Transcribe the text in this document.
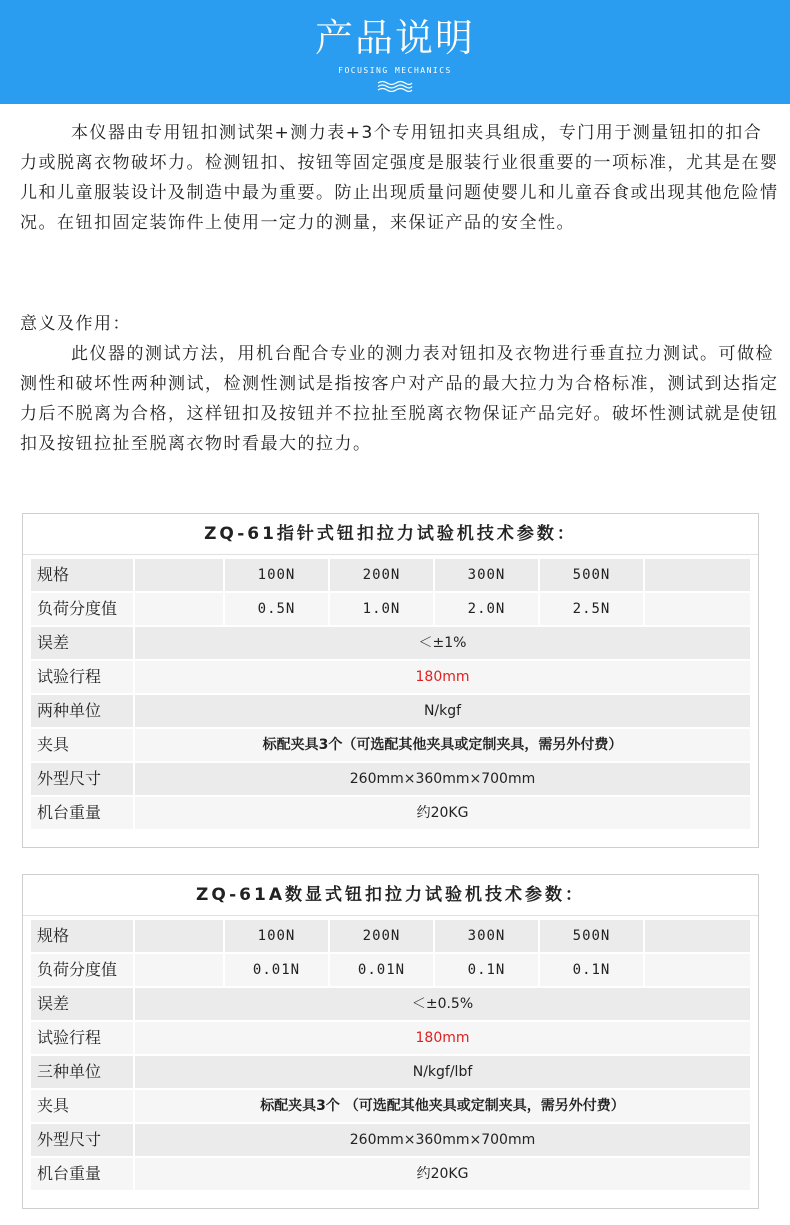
产品说明
FOCUSING MECHANICS

本仪器由专用钮扣测试架+测力表+3个专用钮扣夹具组成，专门用于测量钮扣的扣合力或脱离衣物破坏力。检测钮扣、按钮等固定强度是服装行业很重要的一项标准，尤其是在婴儿和儿童服装设计及制造中最为重要。防止出现质量问题使婴儿和儿童吞食或出现其他危险情况。在钮扣固定装饰件上使用一定力的测量，来保证产品的安全性。

意义及作用：

此仪器的测试方法，用机台配合专业的测力表对钮扣及衣物进行垂直拉力测试。可做检测性和破坏性两种测试，检测性测试是指按客户对产品的最大拉力为合格标准，测试到达指定力后不脱离为合格，这样钮扣及按钮并不拉扯至脱离衣物保证产品完好。破坏性测试就是使钮扣及按钮拉扯至脱离衣物时看最大的拉力。

ZQ-61指针式钮扣拉力试验机技术参数：
规格	100N	200N	300N	500N
负荷分度值	0.5N	1.0N	2.0N	2.5N
误差	＜±1%
试验行程	180mm
两种单位	N/kgf
夹具	标配夹具3个（可选配其他夹具或定制夹具，需另外付费）
外型尺寸	260mm×360mm×700mm
机台重量	约20KG
ZQ-61A数显式钮扣拉力试验机技术参数：
规格	100N	200N	300N	500N
负荷分度值	0.01N	0.01N	0.1N	0.1N
误差	＜±0.5%
试验行程	180mm
三种单位	N/kgf/lbf
夹具	标配夹具3个 （可选配其他夹具或定制夹具，需另外付费）
外型尺寸	260mm×360mm×700mm
机台重量	约20KG
